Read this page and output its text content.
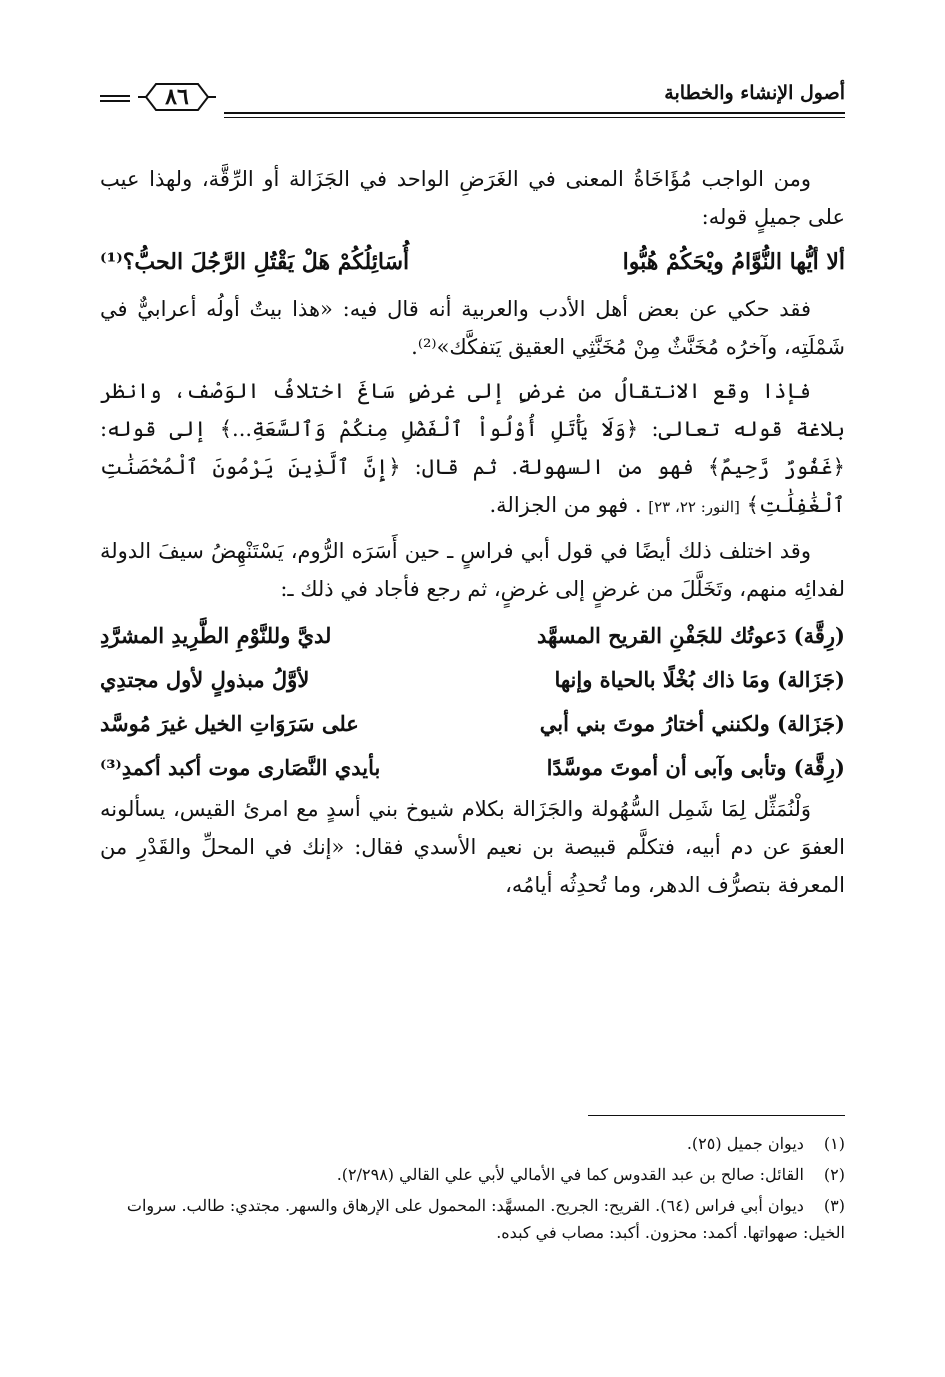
أصول الإنشاء والخطابة
٨٦

ومن الواجب مُؤَاخَاةُ المعنى في الغَرَضِ الواحد في الجَزَالة أو الرِّقَّة، ولهذا عيب على جميلٍ قوله:

ألا أيُّها النُّوَّامُ ويْحَكُمْ هُبُّوا
أُسَائِلُكُمْ هَلْ يَقْتُلِ الرَّجُلَ الحبُّ؟⁽¹⁾

فقد حكي عن بعض أهل الأدب والعربية أنه قال فيه: «هذا بيتٌ أولُه أعرابيٌّ في شَمْلَتِه، وآخرُه مُخَنَّثٌ مِنْ مُخَنَّثِي العقيق يَتفكَّك»⁽²⁾.

فإذا وقع الانتقالُ من غرضٍ إلى غرضٍ سَاغَ اختلافُ الوَصْف، وانظر بلاغة قوله تعالى: ﴿وَلَا يَأْتَلِ أُوْلُواْ ٱلْفَضْلِ مِنكُمْ وَٱلسَّعَةِ...﴾ إلى قوله: ﴿غَفُورٌ رَّحِيمٌ﴾ فهو من السهولة. ثم قال: ﴿إِنَّ ٱلَّذِينَ يَرْمُونَ ٱلْمُحْصَنَٰتِ ٱلْغَٰفِلَٰتِ﴾ [النور: ٢٢، ٢٣] . فهو من الجزالة.

وقد اختلف ذلك أيضًا في قول أبي فراسٍ ـ حين أَسَرَه الرُّوم، يَسْتَنْهِضُ سيفَ الدولة لفدائِه منهم، وتَخَلَّلَ من غرضٍ إلى غرضٍ، ثم رجع فأجاد في ذلك ـ:

(رِقَّة) دَعوتُك للجَفْنِ القريح المسهَّد
لديَّ وللنَّوْمِ الطَّرِيدِ المشرَّدِ
(جَزَالة) ومَا ذاك بُخْلًا بالحياة وإنها
لأوَّلُ مبذولٍ لأول مجتدِي
(جَزَالة) ولكنني أختارُ موتَ بني أبي
على سَرَوَاتِ الخيل غيرَ مُوسَّد
(رِقَّة) وتأبى وآبى أن أموتَ موسَّدًا
بأيدي النَّصَارى موت أكبد أكمدِ⁽³⁾

وَلْنُمَثِّل لِمَا شَمِل السُّهُولة والجَزَالة بكلام شيوخ بني أسدٍ مع امرئ القيس، يسألونه العفوَ عن دم أبيه، فتكلَّم قبيصة بن نعيم الأسدي فقال: «إنك في المحلِّ والقَدْرِ من المعرفة بتصرُّف الدهر، وما تُحدِثُه أيامُه،

(١) ديوان جميل (٢٥).

(٢) القائل: صالح بن عبد القدوس كما في الأمالي لأبي علي القالي (٢/٢٩٨).

(٣) ديوان أبي فراس (٦٤). القريح: الجريح. المسهَّد: المحمول على الإرهاق والسهر. مجتدي: طالب. سروات الخيل: صهواتها. أكمد: محزون. أكبد: مصاب في كبده.
